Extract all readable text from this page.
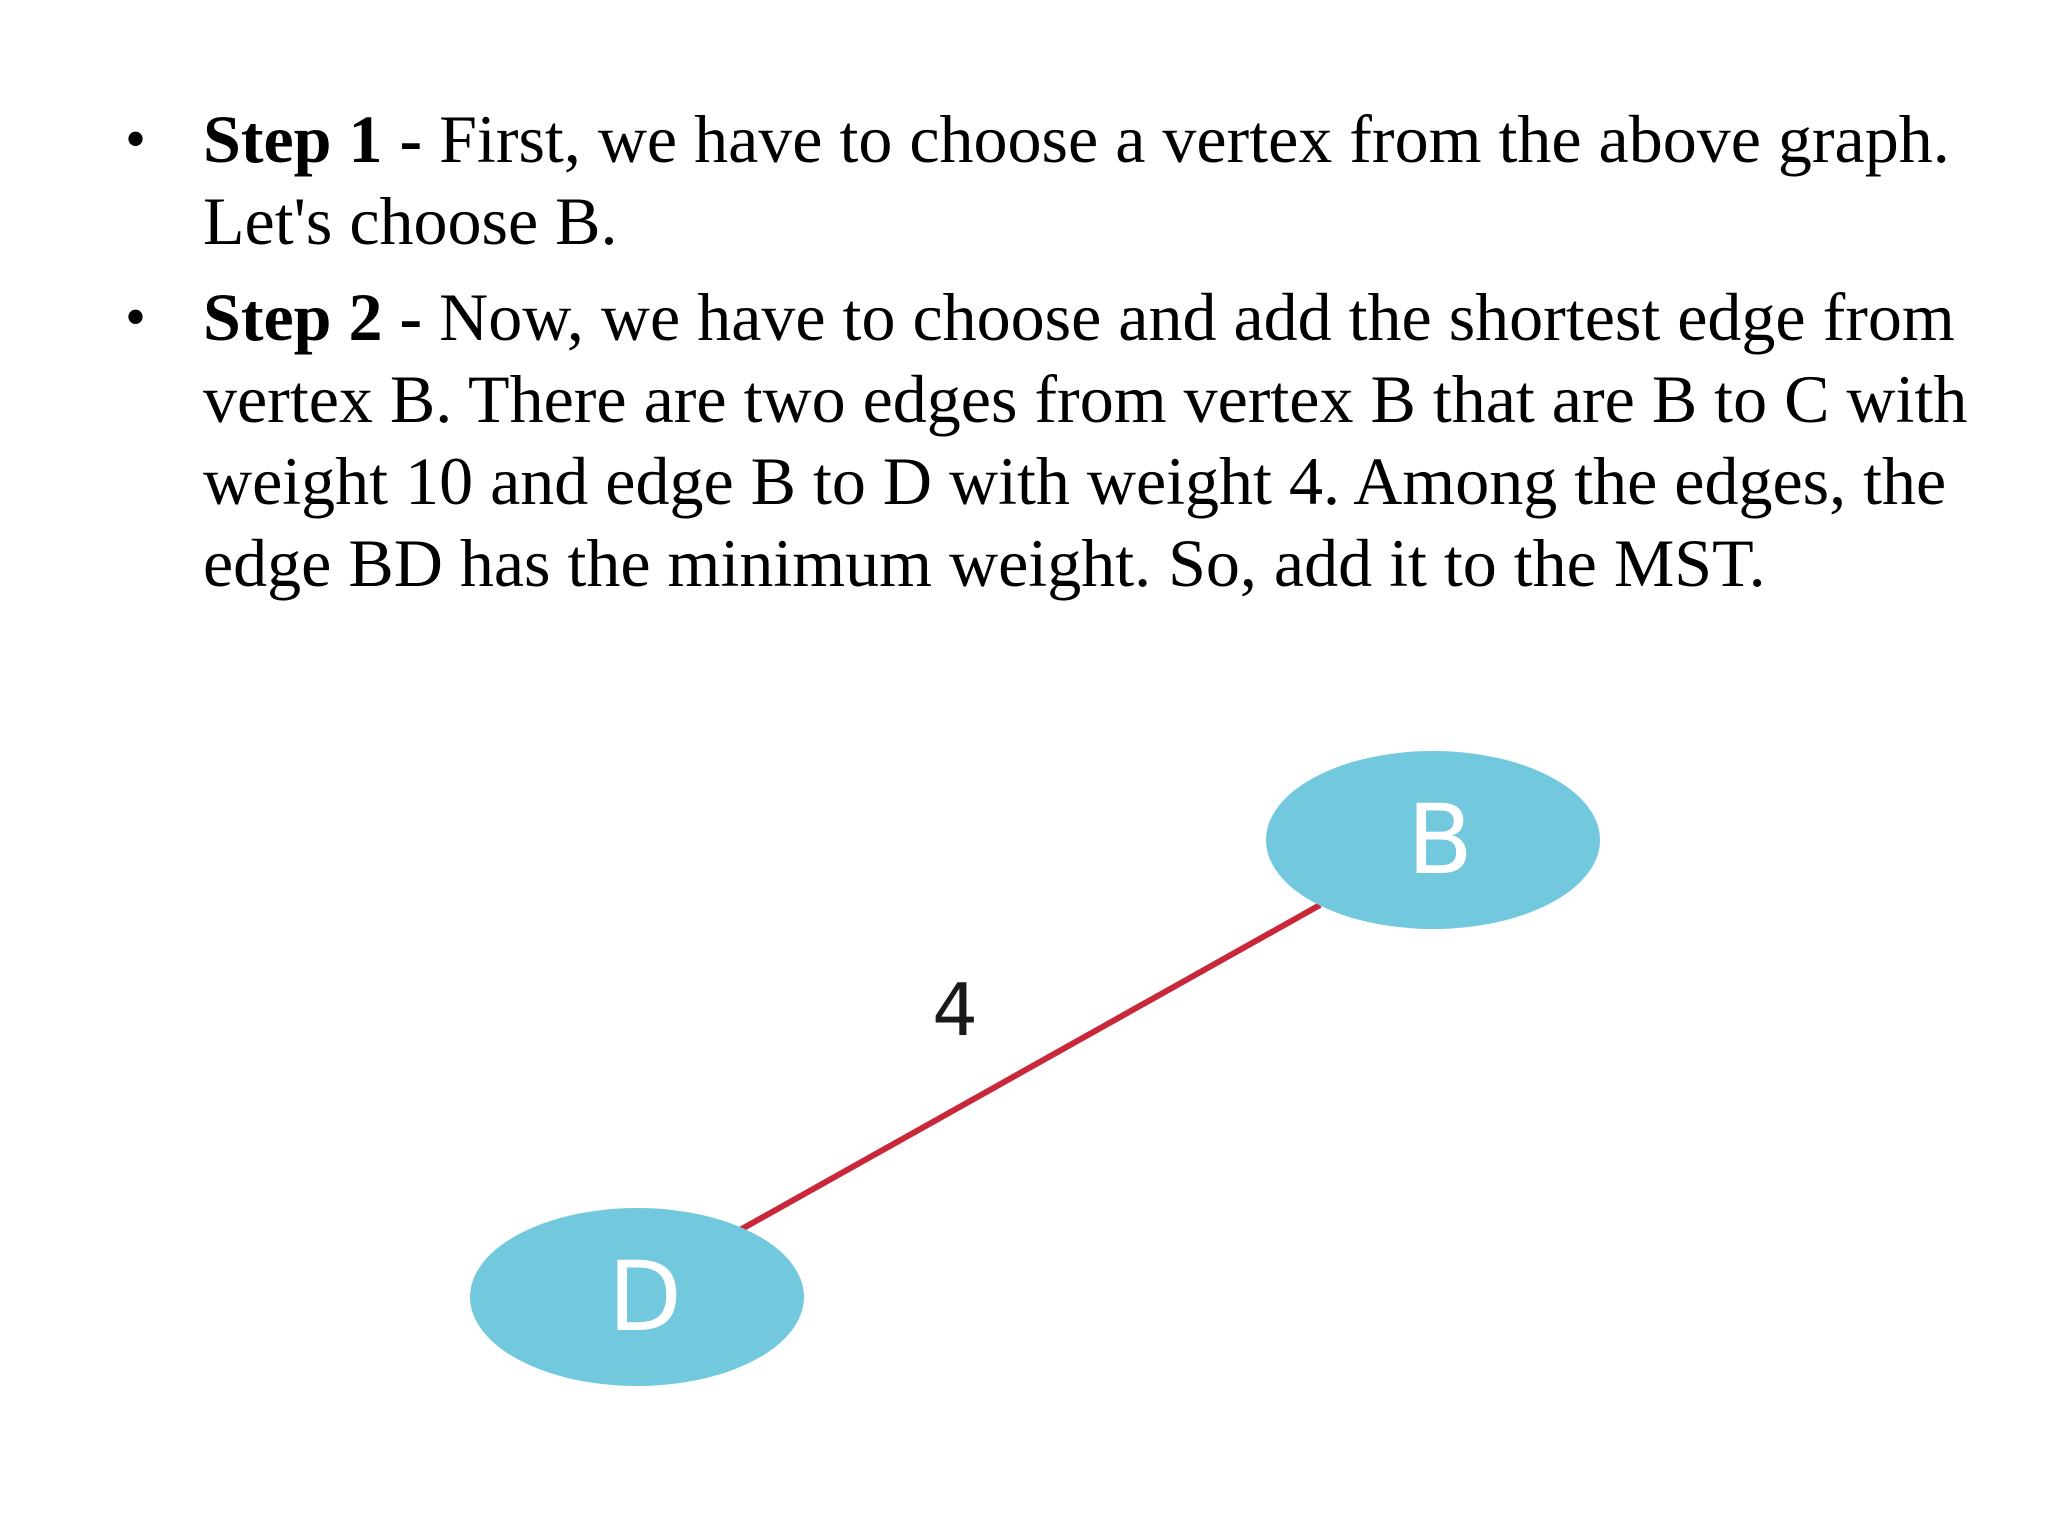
• Step 1 - First, we have to choose a vertex from the above graph. Let's choose B.
• Step 2 - Now, we have to choose and add the shortest edge from vertex B. There are two edges from vertex B that are B to C with weight 10 and edge B to D with weight 4. Among the edges, the edge BD has the minimum weight. So, add it to the MST.
4
B
D
